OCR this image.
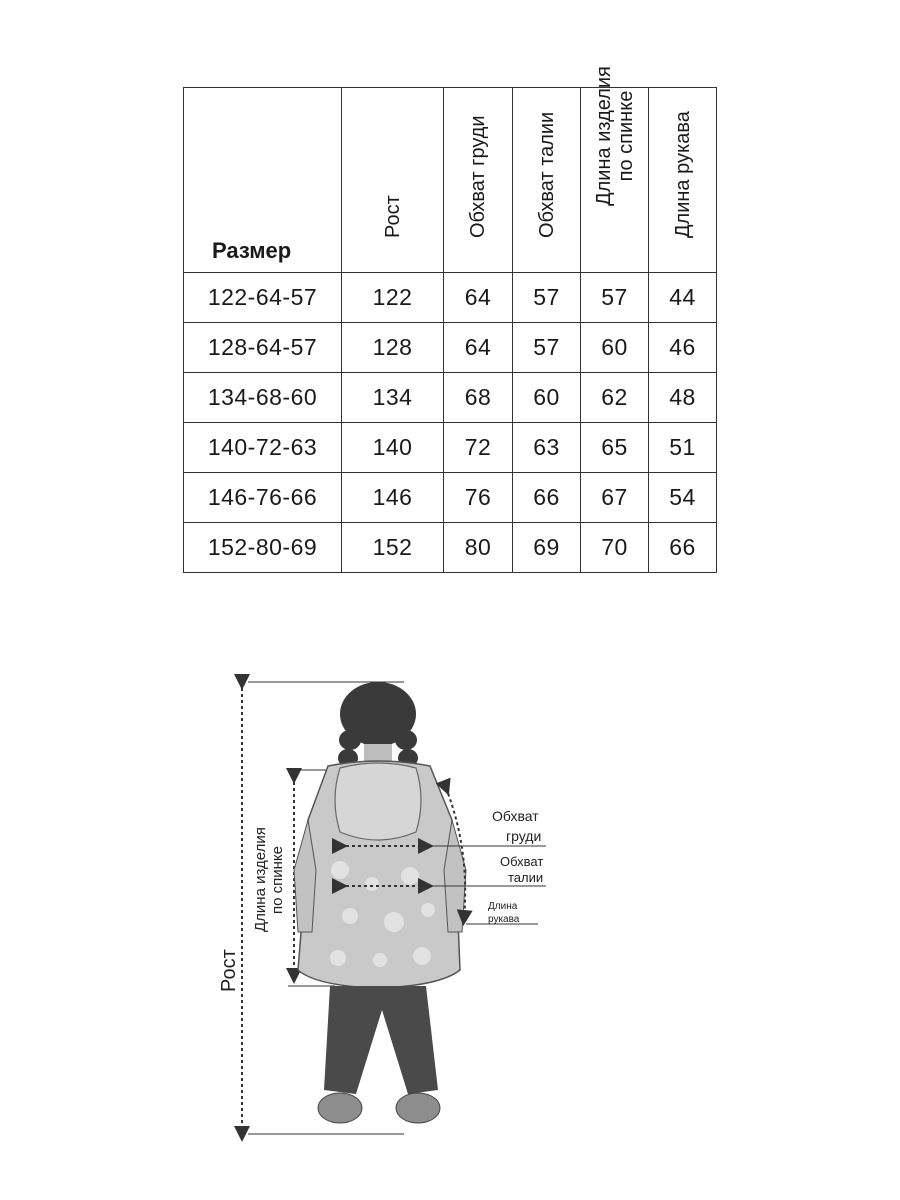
Размер	Рост	Обхват груди	Обхват талии	Длина изделия по спинке	Длина рукава

122-64-57	122	64	57	57	44
128-64-57	128	64	57	60	46
134-68-60	134	68	60	62	48
140-72-63	140	72	63	65	51
146-76-66	146	76	66	67	54
152-80-69	152	80	69	70	66
Рост
Длина изделия по спинке
Обхват
груди
Обхват
талии
Длина
рукава
